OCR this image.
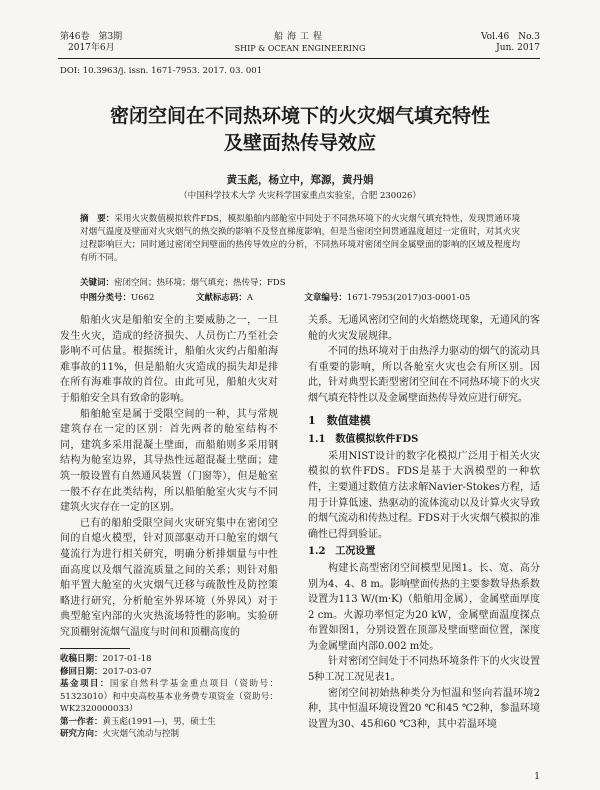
第46卷　第3期
2017年6月
船海工程
SHIP & OCEAN ENGINEERING
Vol.46　No.3
Jun. 2017
DOI: 10.3963/j. issn. 1671-7953. 2017. 03. 001
密闭空间在不同热环境下的火灾烟气填充特性
及壁面热传导效应
黄玉彪，杨立中，郑源，黄丹娟
（中国科学技术大学 火灾科学国家重点实验室，合肥 230026）
摘　要：采用火灾数值模拟软件FDS，模拟船舶内部舱室中同处于不同热环境下的火灾烟气填充特性，发现贯通环境对烟气温度及壁面对火灾烟气的热交换的影响不及竖直梯度影响，但是当密闭空间贯通温度超过一定值时，对其火灾过程影响巨大；同时通过密闭空间壁面的热传导效应的分析，不同热环境对密闭空间金属壁面的影响的区域及程度均有所不同。
关键词：密闭空间；热环境；烟气填充；热传导；FDS
中图分类号：U662	文献标志码：A	文章编号：1671-7953(2017)03-0001-05

船舶火灾是船舶安全的主要威胁之一，一旦发生火灾，造成的经济损失、人员伤亡乃至社会影响不可估量。根据统计，船舶火灾约占船舶海难事故的11%，但是船舶火灾造成的损失却是排在所有海难事故的首位。由此可见，船舶火灾对于船舶安全具有致命的影响。

船舶舱室是属于受限空间的一种，其与常规建筑存在一定的区别：首先两者的舱室结构不同，建筑多采用混凝土壁面，而船舶则多采用钢结构为舱室边界，其导热性远超混凝土壁面；建筑一般设置有自然通风装置（门窗等），但是舱室一般不存在此类结构，所以船舶舱室火灾与不同建筑火灾存在一定的区别。

已有的船舶受限空间火灾研究集中在密闭空间的自熄火模型，针对顶部驱动开口舱室的烟气蔓流行为进行相关研究，明确分析排烟量与中性面高度以及烟气溢流质量之间的关系；则针对船舶平置大舱室的火灾烟气迁移与疏散性及防控策略进行研究，分析舱室外界环境（外界风）对于典型舱室内部的火灾热流场特性的影响。实验研究顶棚射流烟气温度与时间和顶棚高度的

收稿日期：2017-01-18
修回日期：2017-03-07
基金项目：国家自然科学基金重点项目（资助号：51323010）和中央高校基本业务费专项资金（资助号：WK2320000033）
第一作者：黄玉彪(1991—)，男，硕士生
研究方向：火灾烟气流动与控制

关系。无通风密闭空间的火焰燃烧现象，无通风的客舱的火灾发展规律。

不同的热环境对于由热浮力驱动的烟气的流动具有重要的影响，所以各舱室火灾也会有所区别。因此，针对典型长距型密闭空间在不同热环境下的火灾烟气填充特性以及金属壁面热传导效应进行研究。

1　数值建模
1.1　数值模拟软件FDS

采用NIST设计的数字化模拟广泛用于相关火灾模拟的软件FDS。FDS是基于大涡模型的一种软件，主要通过数值方法求解Navier-Stokes方程，适用于计算低速、热驱动的流体流动以及计算火灾导致的烟气流动和传热过程。FDS对于火灾烟气模拟的准确性已得到验证。

1.2　工况设置

构建长高型密闭空间模型见图1。长、宽、高分别为4、4、8 m。影响壁面传热的主要参数导热系数设置为113 W/(m·K)（船舶用金属），金属壁面厚度2 cm。火源功率恒定为20 kW，金属壁面温度探点布置如图1，分别设置在顶部及壁面壁面位置，深度为金属壁面内部0.002 m处。

针对密闭空间处于不同热环境条件下的火灾设置5种工况工况见表1。

密闭空间初始热种类分为恒温和竖向若温环境2种，其中恒温环境设置20 ℃和45 ℃2种，参温环境设置为30、45和60 ℃3种，其中若温环境

1
